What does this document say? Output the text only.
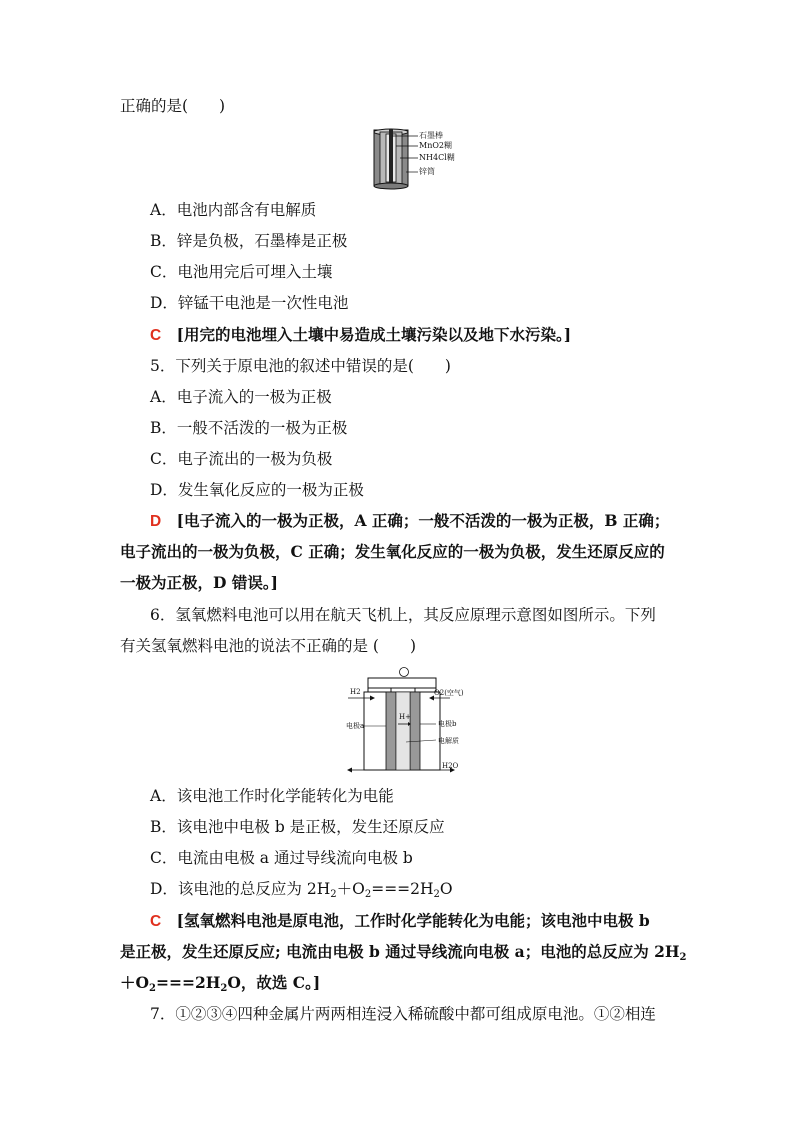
正确的是(　　)
石墨棒
MnO2糊
NH4Cl糊
锌筒
A．电池内部含有电解质
B．锌是负极，石墨棒是正极
C．电池用完后可埋入土壤
D．锌锰干电池是一次性电池
C [用完的电池埋入土壤中易造成土壤污染以及地下水污染。]
5．下列关于原电池的叙述中错误的是(　　)
A．电子流入的一极为正极
B．一般不活泼的一极为正极
C．电子流出的一极为负极
D．发生氧化反应的一极为正极
D [电子流入的一极为正极，A 正确；一般不活泼的一极为正极，B 正确；
电子流出的一极为负极，C 正确；发生氧化反应的一极为负极，发生还原反应的
一极为正极，D 错误。]
6．氢氧燃料电池可以用在航天飞机上，其反应原理示意图如图所示。下列
有关氢氧燃料电池的说法不正确的是 (　　)
H2	O2(空气)
H+
电极a	电极b
电解质
H2O
A．该电池工作时化学能转化为电能
B．该电池中电极 b 是正极，发生还原反应
C．电流由电极 a 通过导线流向电极 b
D．该电池的总反应为 $2H_2+O_2===2H_2O$
C [氢氧燃料电池是原电池，工作时化学能转化为电能；该电池中电极 b
是正极，发生还原反应; 电流由电极 b 通过导线流向电极 a；电池的总反应为 $2H_2$
$+O_2===2H_2O$，故选 C。]
7．①②③④四种金属片两两相连浸入稀硫酸中都可组成原电池。①②相连
